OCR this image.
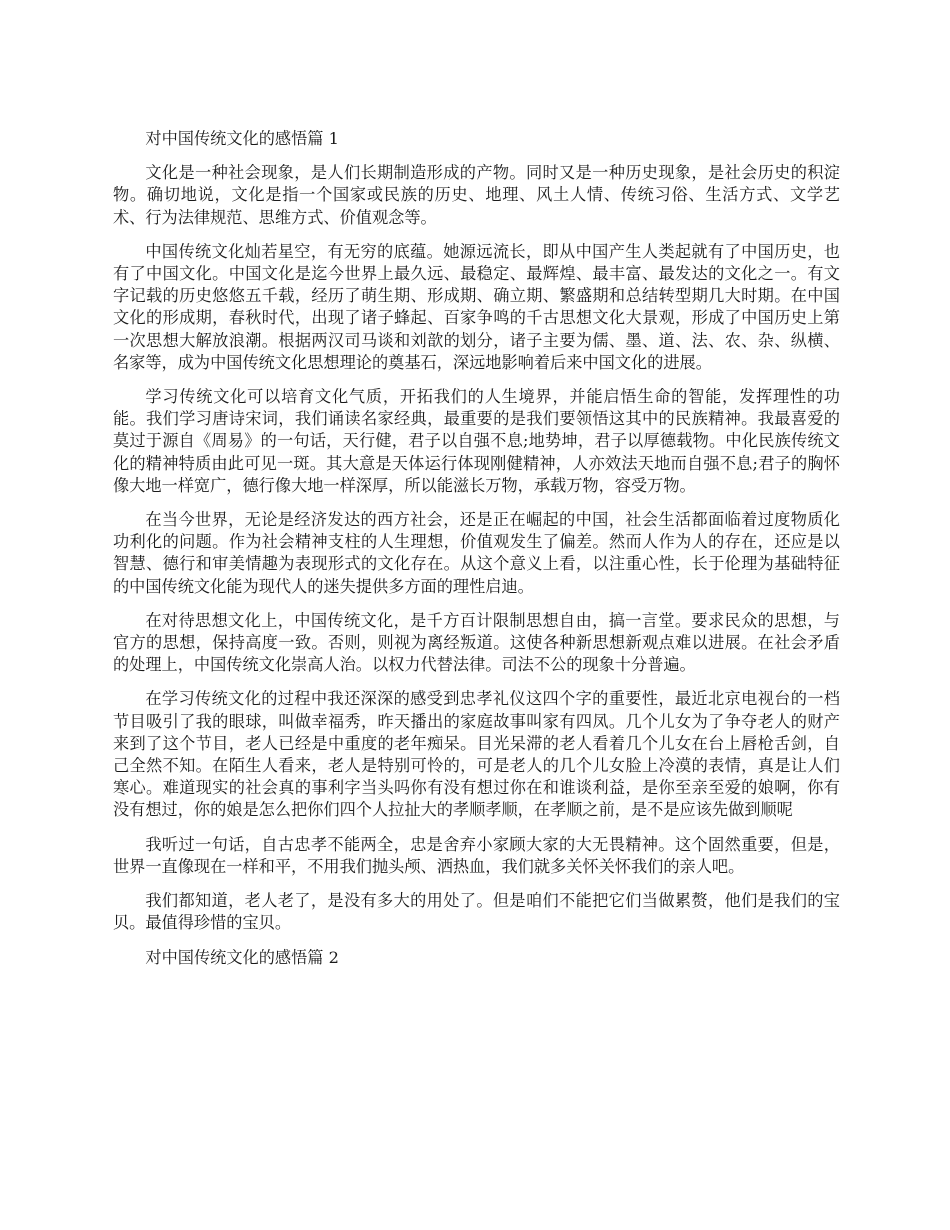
对中国传统文化的感悟篇 1

文化是一种社会现象，是人们长期制造形成的产物。同时又是一种历史现象，是社会历史的积淀物。确切地说，文化是指一个国家或民族的历史、地理、风土人情、传统习俗、生活方式、文学艺术、行为法律规范、思维方式、价值观念等。

中国传统文化灿若星空，有无穷的底蕴。她源远流长，即从中国产生人类起就有了中国历史，也有了中国文化。中国文化是迄今世界上最久远、最稳定、最辉煌、最丰富、最发达的文化之一。有文字记载的历史悠悠五千载，经历了萌生期、形成期、确立期、繁盛期和总结转型期几大时期。在中国文化的形成期，春秋时代，出现了诸子蜂起、百家争鸣的千古思想文化大景观，形成了中国历史上第一次思想大解放浪潮。根据两汉司马谈和刘歆的划分，诸子主要为儒、墨、道、法、农、杂、纵横、名家等，成为中国传统文化思想理论的奠基石，深远地影响着后来中国文化的进展。

学习传统文化可以培育文化气质，开拓我们的人生境界，并能启悟生命的智能，发挥理性的功能。我们学习唐诗宋词，我们诵读名家经典，最重要的是我们要领悟这其中的民族精神。我最喜爱的莫过于源自《周易》的一句话，天行健，君子以自强不息;地势坤，君子以厚德载物。中化民族传统文化的精神特质由此可见一斑。其大意是天体运行体现刚健精神，人亦效法天地而自强不息;君子的胸怀像大地一样宽广，德行像大地一样深厚，所以能滋长万物，承载万物，容受万物。

在当今世界，无论是经济发达的西方社会，还是正在崛起的中国，社会生活都面临着过度物质化功利化的问题。作为社会精神支柱的人生理想，价值观发生了偏差。然而人作为人的存在，还应是以智慧、德行和审美情趣为表现形式的文化存在。从这个意义上看，以注重心性，长于伦理为基础特征的中国传统文化能为现代人的迷失提供多方面的理性启迪。

在对待思想文化上，中国传统文化，是千方百计限制思想自由，搞一言堂。要求民众的思想，与官方的思想，保持高度一致。否则，则视为离经叛道。这使各种新思想新观点难以进展。在社会矛盾的处理上，中国传统文化崇高人治。以权力代替法律。司法不公的现象十分普遍。

在学习传统文化的过程中我还深深的感受到忠孝礼仪这四个字的重要性，最近北京电视台的一档节目吸引了我的眼球，叫做幸福秀，昨天播出的家庭故事叫家有四凤。几个儿女为了争夺老人的财产来到了这个节目，老人已经是中重度的老年痴呆。目光呆滞的老人看着几个儿女在台上唇枪舌剑，自己全然不知。在陌生人看来，老人是特别可怜的，可是老人的几个儿女脸上冷漠的表情，真是让人们寒心。难道现实的社会真的事利字当头吗你有没有想过你在和谁谈利益，是你至亲至爱的娘啊，你有没有想过，你的娘是怎么把你们四个人拉扯大的孝顺孝顺，在孝顺之前，是不是应该先做到顺呢

我听过一句话，自古忠孝不能两全，忠是舍弃小家顾大家的大无畏精神。这个固然重要，但是，世界一直像现在一样和平，不用我们抛头颅、洒热血，我们就多关怀关怀我们的亲人吧。

我们都知道，老人老了，是没有多大的用处了。但是咱们不能把它们当做累赘，他们是我们的宝贝。最值得珍惜的宝贝。

对中国传统文化的感悟篇 2
